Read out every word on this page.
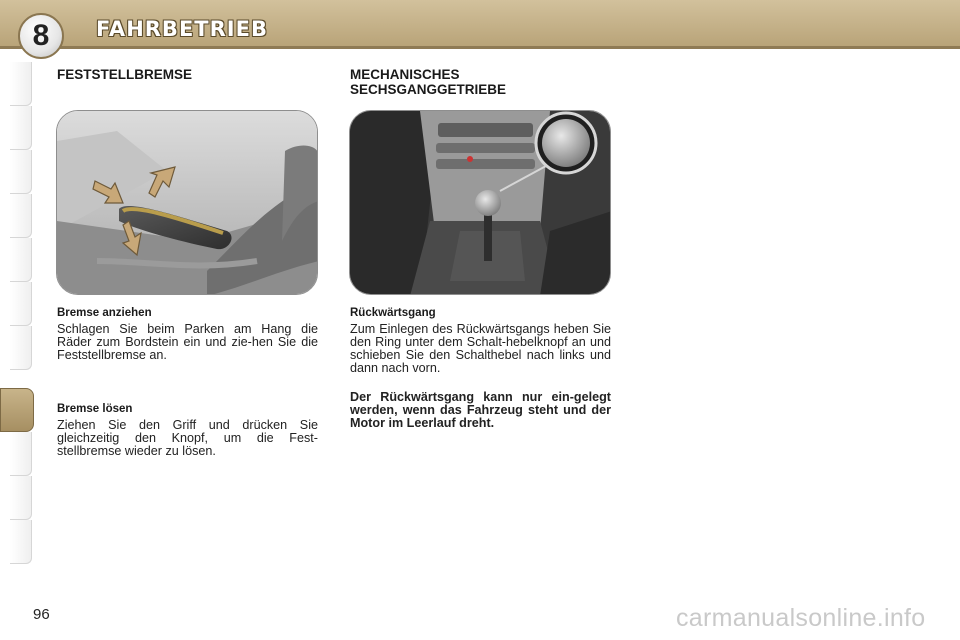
8 FAHRBETRIEB
FESTSTELLBREMSE
Bremse anziehen
Schlagen Sie beim Parken am Hang die Räder zum Bordstein ein und zie-hen Sie die Feststellbremse an.
Bremse lösen
Ziehen Sie den Griff und drücken Sie gleichzeitig den Knopf, um die Fest-stellbremse wieder zu lösen.
MECHANISCHES SECHSGANGGETRIEBE
Rückwärtsgang
Zum Einlegen des Rückwärtsgangs heben Sie den Ring unter dem Schalt-hebelknopf an und schieben Sie den Schalthebel nach links und dann nach vorn.
Der Rückwärtsgang kann nur ein-gelegt werden, wenn das Fahrzeug steht und der Motor im Leerlauf dreht.
96	carmanualsonline.info
